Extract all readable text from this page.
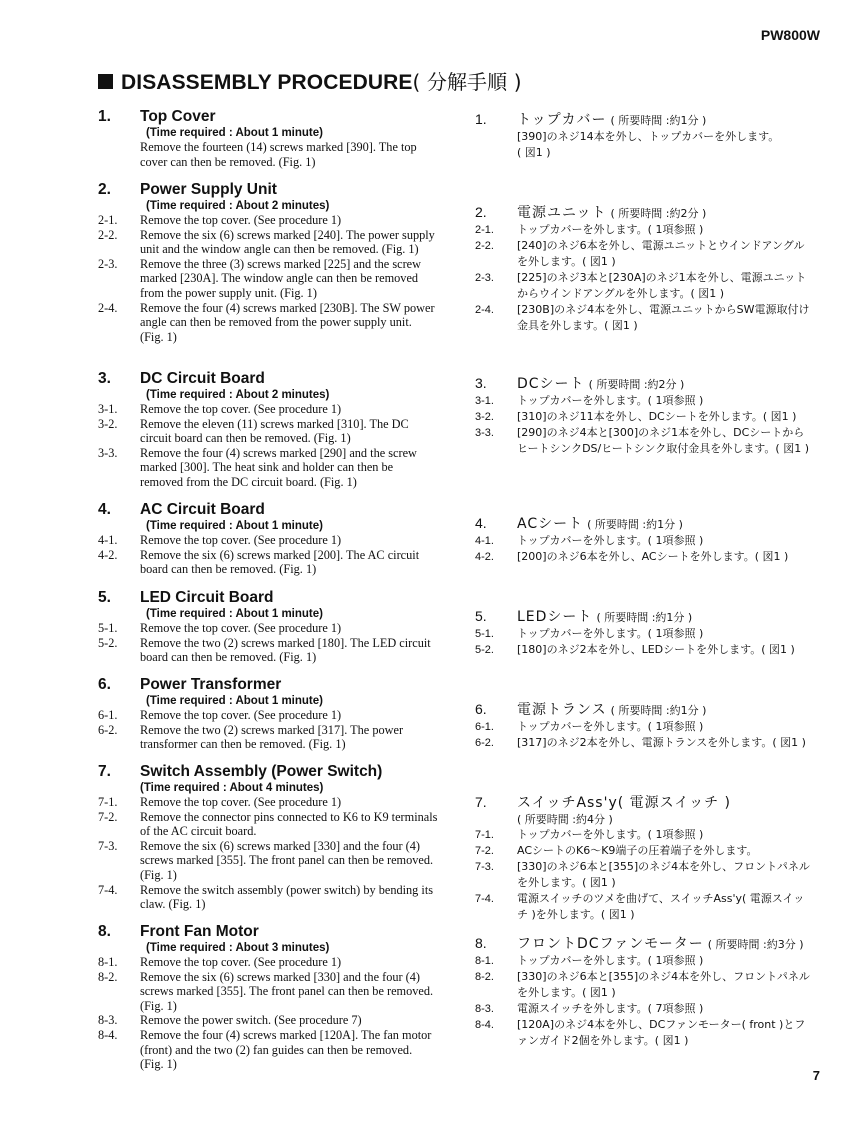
PW800W
DISASSEMBLY PROCEDURE( 分解手順 )
1.	Top Cover
(Time required : About 1 minute)
Remove the fourteen (14) screws marked [390]. The top cover can then be removed. (Fig. 1)
2.	Power Supply Unit
(Time required : About 2 minutes)
2-1.	Remove the top cover. (See procedure 1)
2-2.	Remove the six (6) screws marked [240]. The power supply unit and the window angle can then be removed. (Fig. 1)
2-3.	Remove the three (3) screws marked [225] and the screw marked [230A]. The window angle can then be removed from the power supply unit. (Fig. 1)
2-4.	Remove the four (4) screws marked [230B]. The SW power angle can then be removed from the power supply unit. (Fig. 1)
3.	DC Circuit Board
(Time required : About 2 minutes)
3-1.	Remove the top cover. (See procedure 1)
3-2.	Remove the eleven (11) screws marked [310]. The DC circuit board can then be removed. (Fig. 1)
3-3.	Remove the four (4) screws marked [290] and the screw marked [300]. The heat sink and holder can then be removed from the DC circuit board. (Fig. 1)
4.	AC Circuit Board
(Time required : About 1 minute)
4-1.	Remove the top cover. (See procedure 1)
4-2.	Remove the six (6) screws marked [200]. The AC circuit board can then be removed. (Fig. 1)
5.	LED Circuit Board
(Time required : About 1 minute)
5-1.	Remove the top cover. (See procedure 1)
5-2.	Remove the two (2) screws marked [180]. The LED circuit board can then be removed. (Fig. 1)
6.	Power Transformer
(Time required : About 1 minute)
6-1.	Remove the top cover. (See procedure 1)
6-2.	Remove the two (2) screws marked [317]. The power transformer can then be removed. (Fig. 1)
7.	Switch Assembly (Power Switch)
(Time required : About 4 minutes)
7-1.	Remove the top cover. (See procedure 1)
7-2.	Remove the connector pins connected to K6 to K9 terminals of the AC circuit board.
7-3.	Remove the six (6) screws marked [330] and the four (4) screws marked [355]. The front panel can then be removed. (Fig. 1)
7-4.	Remove the switch assembly (power switch) by bending its claw. (Fig. 1)
8.	Front Fan Motor
(Time required : About 3 minutes)
8-1.	Remove the top cover. (See procedure 1)
8-2.	Remove the six (6) screws marked [330] and the four (4) screws marked [355]. The front panel can then be removed. (Fig. 1)
8-3.	Remove the power switch. (See procedure 7)
8-4.	Remove the four (4) screws marked [120A]. The fan motor (front) and the two (2) fan guides can then be removed. (Fig. 1)
1.	トップカバー
( 所要時間 :約1分 )
[390]のネジ14本を外し、トップカバーを外します。
( 図1 )
2.	電源ユニット
( 所要時間 :約2分 )
2-1.	トップカバーを外します。( 1項参照 )
2-2.	[240]のネジ6本を外し、電源ユニットとウインドアングルを外します。( 図1 )
2-3.	[225]のネジ3本と[230A]のネジ1本を外し、電源ユニットからウインドアングルを外します。( 図1 )
2-4.	[230B]のネジ4本を外し、電源ユニットからSW電源取付け金具を外します。( 図1 )
3.	DCシート
( 所要時間 :約2分 )
3-1.	トップカバーを外します。( 1項参照 )
3-2.	[310]のネジ11本を外し、DCシートを外します。( 図1 )
3-3.	[290]のネジ4本と[300]のネジ1本を外し、DCシートからヒートシンクDS/ヒートシンク取付金具を外します。( 図1 )
4.	ACシート
( 所要時間 :約1分 )
4-1.	トップカバーを外します。( 1項参照 )
4-2.	[200]のネジ6本を外し、ACシートを外します。( 図1 )
5.	LEDシート
( 所要時間 :約1分 )
5-1.	トップカバーを外します。( 1項参照 )
5-2.	[180]のネジ2本を外し、LEDシートを外します。( 図1 )
6.	電源トランス
( 所要時間 :約1分 )
6-1.	トップカバーを外します。( 1項参照 )
6-2.	[317]のネジ2本を外し、電源トランスを外します。( 図1 )
7.	スイッチAss'y( 電源スイッチ )
( 所要時間 :約4分 )
7-1.	トップカバーを外します。( 1項参照 )
7-2.	ACシートのK6～K9端子の圧着端子を外します。
7-3.	[330]のネジ6本と[355]のネジ4本を外し、フロントパネルを外します。( 図1 )
7-4.	電源スイッチのツメを曲げて、スイッチAss'y( 電源スイッチ )を外します。( 図1 )
8.	フロントDCファンモーター
( 所要時間 :約3分 )
8-1.	トップカバーを外します。( 1項参照 )
8-2.	[330]のネジ6本と[355]のネジ4本を外し、フロントパネルを外します。( 図1 )
8-3.	電源スイッチを外します。( 7項参照 )
8-4.	[120A]のネジ4本を外し、DCファンモーター( front )とファンガイド2個を外します。( 図1 )
7
